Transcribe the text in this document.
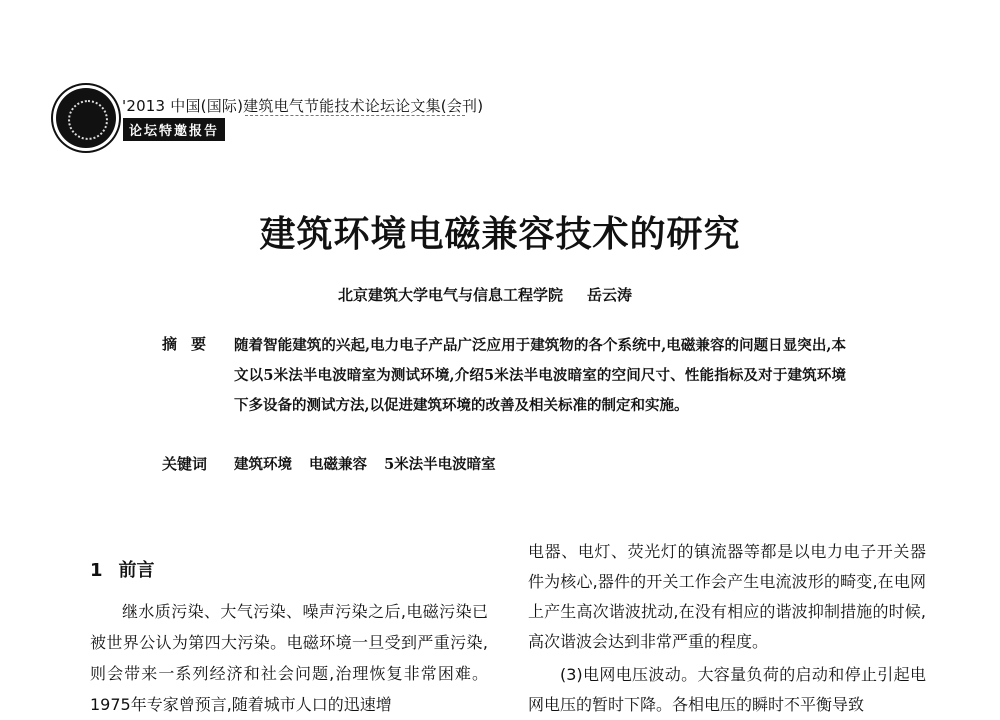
'2013 中国(国际)建筑电气节能技术论坛论文集(会刊)
论坛特邀报告
建筑环境电磁兼容技术的研究
北京建筑大学电气与信息工程学院 岳云涛
摘要 随着智能建筑的兴起,电力电子产品广泛应用于建筑物的各个系统中,电磁兼容的问题日显突出,本文以5米法半电波暗室为测试环境,介绍5米法半电波暗室的空间尺寸、性能指标及对于建筑环境下多设备的测试方法,以促进建筑环境的改善及相关标准的制定和实施。
关键词 建筑环境 电磁兼容 5米法半电波暗室
1 前言

继水质污染、大气污染、噪声污染之后,电磁污染已被世界公认为第四大污染。电磁环境一旦受到严重污染,则会带来一系列经济和社会问题,治理恢复非常困难。1975年专家曾预言,随着城市人口的迅速增

电器、电灯、荧光灯的镇流器等都是以电力电子开关器件为核心,器件的开关工作会产生电流波形的畸变,在电网上产生高次谐波扰动,在没有相应的谐波抑制措施的时候,高次谐波会达到非常严重的程度。

(3)电网电压波动。大容量负荷的启动和停止引起电网电压的暂时下降。各相电压的瞬时不平衡导致
